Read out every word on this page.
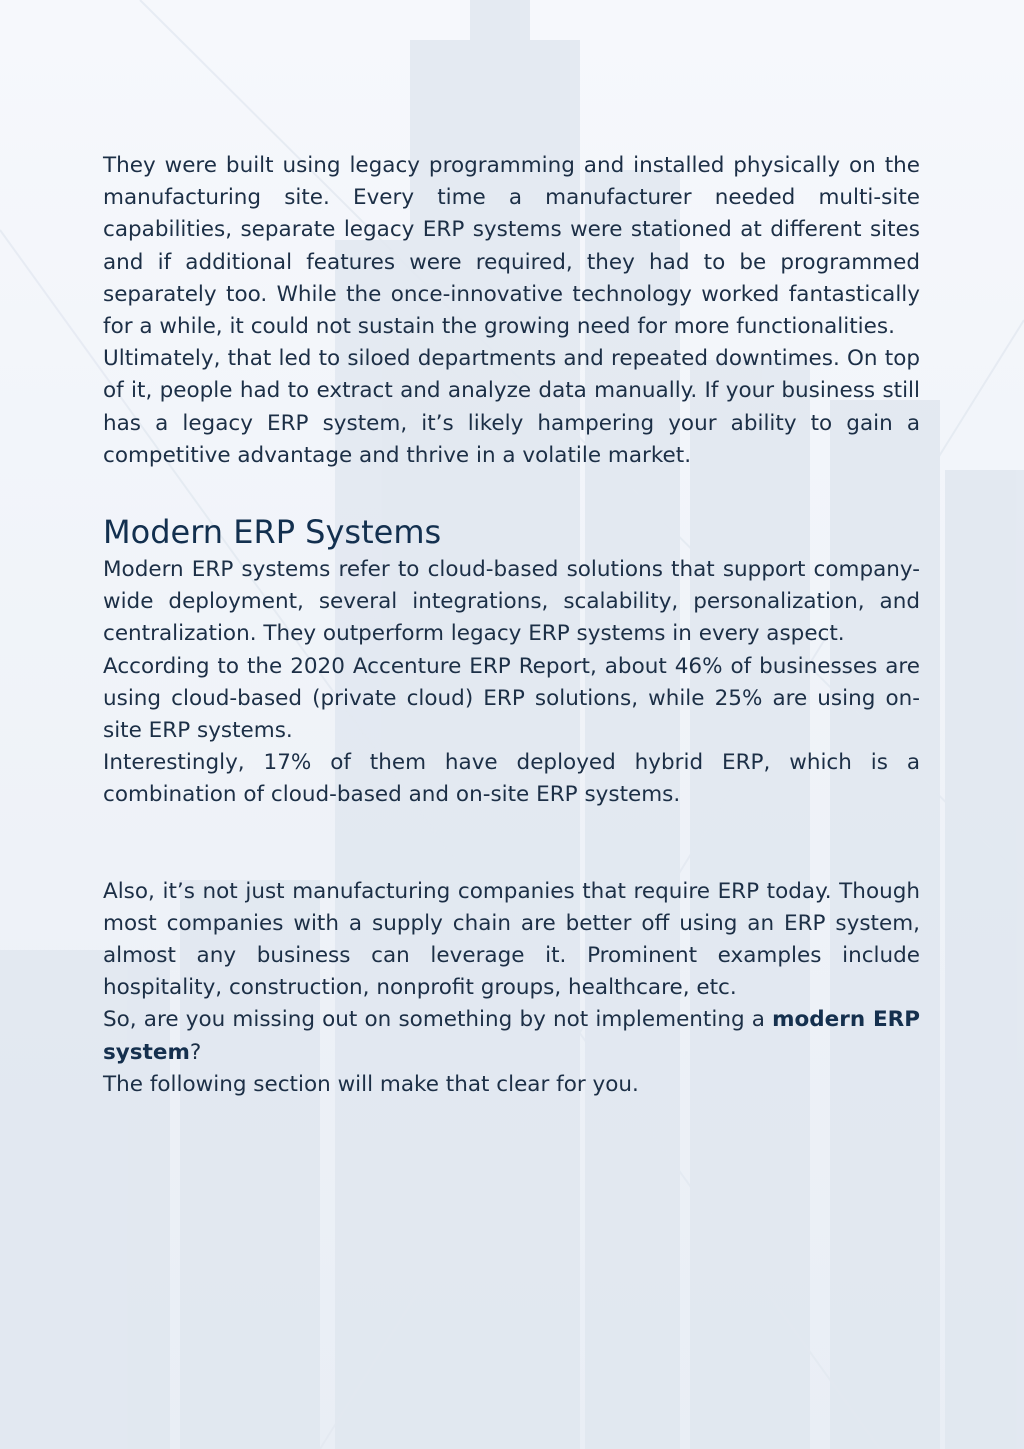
They were built using legacy programming and installed physically on the manufacturing site. Every time a manufacturer needed multi-site capabilities, separate legacy ERP systems were stationed at different sites and if additional features were required, they had to be programmed separately too. While the once-innovative technology worked fantastically for a while, it could not sustain the growing need for more functionalities.

Ultimately, that led to siloed departments and repeated downtimes. On top of it, people had to extract and analyze data manually. If your business still has a legacy ERP system, it’s likely hampering your ability to gain a competitive advantage and thrive in a volatile market.

Modern ERP Systems

Modern ERP systems refer to cloud-based solutions that support company-wide deployment, several integrations, scalability, personalization, and centralization. They outperform legacy ERP systems in every aspect.

According to the 2020 Accenture ERP Report, about 46% of businesses are using cloud-based (private cloud) ERP solutions, while 25% are using on-site ERP systems.

Interestingly, 17% of them have deployed hybrid ERP, which is a combination of cloud-based and on-site ERP systems.

Also, it’s not just manufacturing companies that require ERP today. Though most companies with a supply chain are better off using an ERP system, almost any business can leverage it. Prominent examples include hospitality, construction, nonprofit groups, healthcare, etc.

So, are you missing out on something by not implementing a modern ERP system?

The following section will make that clear for you.
